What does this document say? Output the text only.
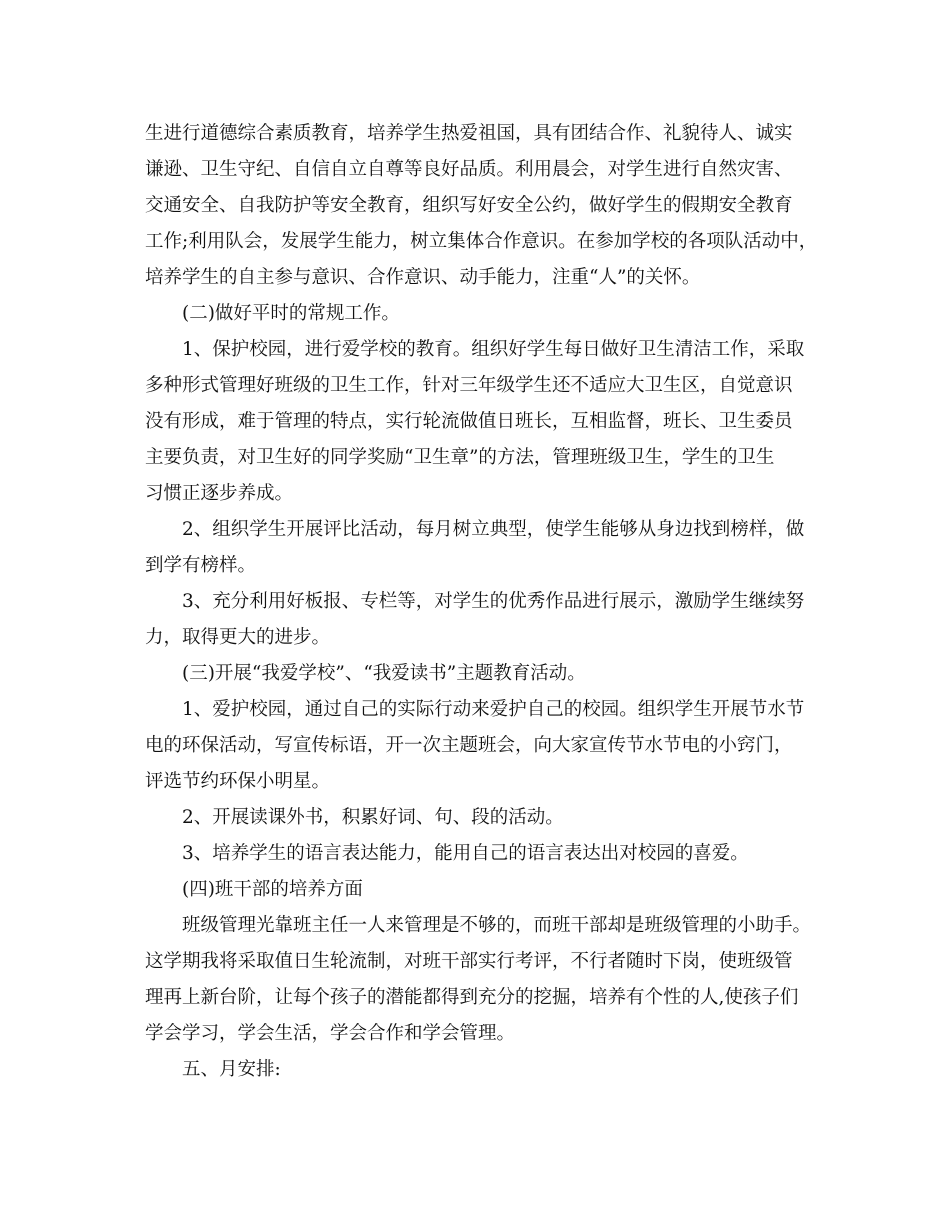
生进行道德综合素质教育，培养学生热爱祖国，具有团结合作、礼貌待人、诚实
谦逊、卫生守纪、自信自立自尊等良好品质。利用晨会，对学生进行自然灾害、
交通安全、自我防护等安全教育，组织写好安全公约，做好学生的假期安全教育
工作;利用队会，发展学生能力，树立集体合作意识。在参加学校的各项队活动中，
培养学生的自主参与意识、合作意识、动手能力，注重“人”的关怀。
(二)做好平时的常规工作。
1、保护校园，进行爱学校的教育。组织好学生每日做好卫生清洁工作，采取
多种形式管理好班级的卫生工作，针对三年级学生还不适应大卫生区，自觉意识
没有形成，难于管理的特点，实行轮流做值日班长，互相监督，班长、卫生委员
主要负责，对卫生好的同学奖励“卫生章”的方法，管理班级卫生，学生的卫生
习惯正逐步养成。
2、组织学生开展评比活动，每月树立典型，使学生能够从身边找到榜样，做
到学有榜样。
3、充分利用好板报、专栏等，对学生的优秀作品进行展示，激励学生继续努
力，取得更大的进步。
(三)开展“我爱学校”、“我爱读书”主题教育活动。
1、爱护校园，通过自己的实际行动来爱护自己的校园。组织学生开展节水节
电的环保活动，写宣传标语，开一次主题班会，向大家宣传节水节电的小窍门，
评选节约环保小明星。
2、开展读课外书，积累好词、句、段的活动。
3、培养学生的语言表达能力，能用自己的语言表达出对校园的喜爱。
(四)班干部的培养方面
班级管理光靠班主任一人来管理是不够的，而班干部却是班级管理的小助手。
这学期我将采取值日生轮流制，对班干部实行考评，不行者随时下岗，使班级管
理再上新台阶，让每个孩子的潜能都得到充分的挖掘，培养有个性的人,使孩子们
学会学习，学会生活，学会合作和学会管理。
五、月安排:
